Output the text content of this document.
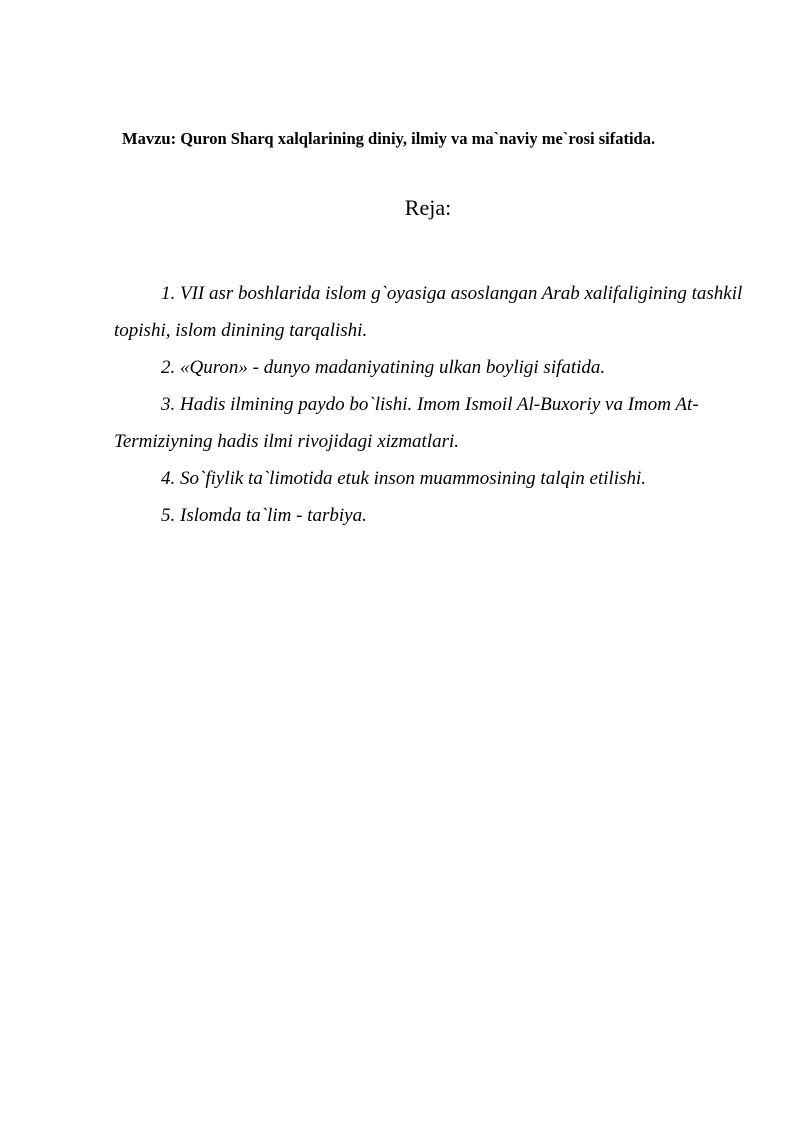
Mavzu: Quron Sharq xalqlarining diniy, ilmiy va ma`naviy me`rosi sifatida.
Reja:

1. VII asr boshlarida islom g`oyasiga asoslangan Arab xalifaligining tashkil topishi, islom dinining tarqalishi.

2. «Quron» - dunyo madaniyatining ulkan boyligi sifatida.

3. Hadis ilmining paydo bo`lishi. Imom Ismoil Al-Buxoriy va Imom At-Termiziyning hadis ilmi rivojidagi xizmatlari.

4. So`fiylik ta`limotida etuk inson muammosining talqin etilishi.

5. Islomda ta`lim - tarbiya.
